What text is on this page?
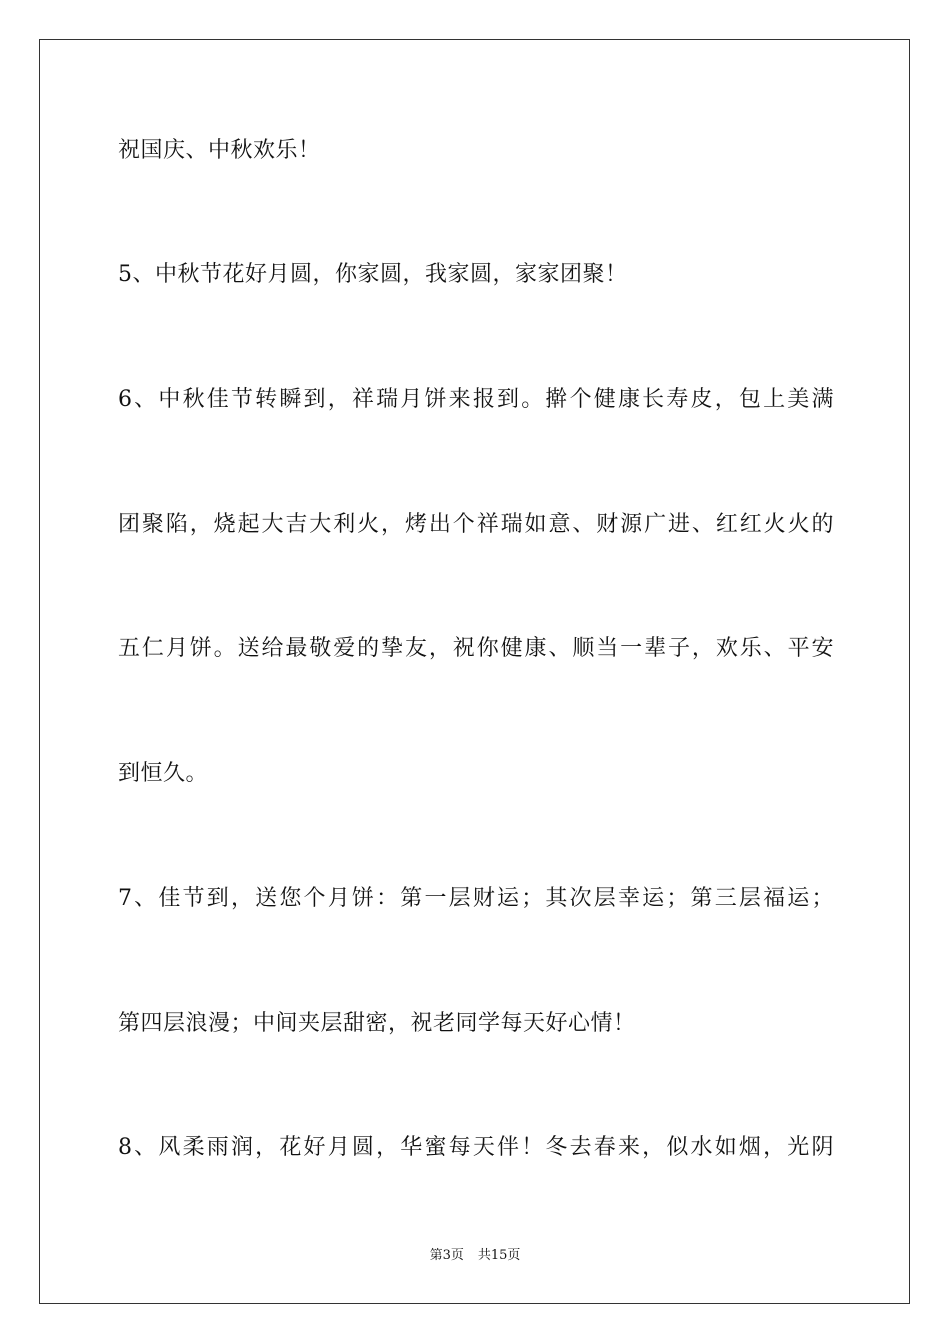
祝国庆、中秋欢乐！
5、中秋节花好月圆，你家圆，我家圆，家家团聚！
6、中秋佳节转瞬到，祥瑞月饼来报到。擀个健康长寿皮，包上美满
团聚陷，烧起大吉大利火，烤出个祥瑞如意、财源广进、红红火火的
五仁月饼。送给最敬爱的挚友，祝你健康、顺当一辈子，欢乐、平安
到恒久。
7、佳节到，送您个月饼：第一层财运；其次层幸运；第三层福运；
第四层浪漫；中间夹层甜密，祝老同学每天好心情！
8、风柔雨润，花好月圆，华蜜每天伴！冬去春来，似水如烟，光阴
第3页 共15页
